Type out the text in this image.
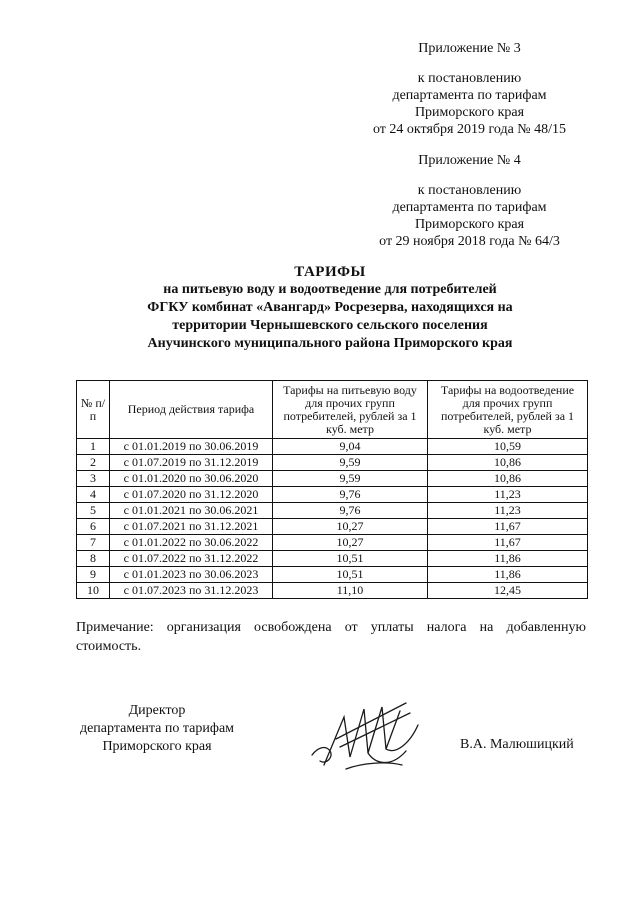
Приложение № 3
к постановлению
департамента по тарифам
Приморского края
от 24 октября 2019 года № 48/15
Приложение № 4
к постановлению
департамента по тарифам
Приморского края
от 29 ноября 2018 года № 64/3
ТАРИФЫ
на питьевую воду и водоотведение для потребителей
ФГКУ комбинат «Авангард» Росрезерва, находящихся на
территории Чернышевского сельского поселения
Анучинского муниципального района Приморского края
№ п/п	Период действия тарифа	Тарифы на питьевую воду для прочих групп потребителей, рублей за 1 куб. метр	Тарифы на водоотведение для прочих групп потребителей, рублей за 1 куб. метр
1	с 01.01.2019 по 30.06.2019	9,04	10,59
2	с 01.07.2019 по 31.12.2019	9,59	10,86
3	с 01.01.2020 по 30.06.2020	9,59	10,86
4	с 01.07.2020 по 31.12.2020	9,76	11,23
5	с 01.01.2021 по 30.06.2021	9,76	11,23
6	с 01.07.2021 по 31.12.2021	10,27	11,67
7	с 01.01.2022 по 30.06.2022	10,27	11,67
8	с 01.07.2022 по 31.12.2022	10,51	11,86
9	с 01.01.2023 по 30.06.2023	10,51	11,86
10	с 01.07.2023 по 31.12.2023	11,10	12,45
Примечание: организация освобождена от уплаты налога на добавленную стоимость.
Директор
департамента по тарифам
Приморского края	В.А. Малюшицкий
